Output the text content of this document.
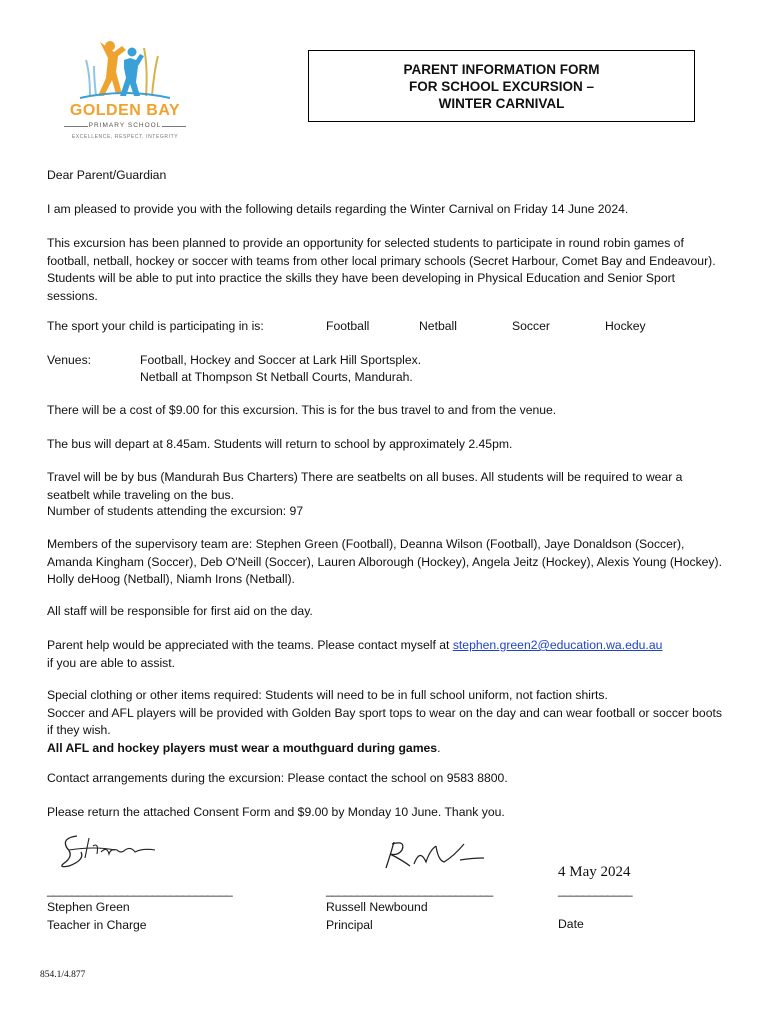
GOLDEN BAY
PRIMARY SCHOOL
EXCELLENCE, RESPECT, INTEGRITY
PARENT INFORMATION FORM
FOR SCHOOL EXCURSION –
WINTER CARNIVAL
Dear Parent/Guardian
I am pleased to provide you with the following details regarding the Winter Carnival on Friday 14 June 2024.
This excursion has been planned to provide an opportunity for selected students to participate in round robin games of football, netball, hockey or soccer with teams from other local primary schools (Secret Harbour, Comet Bay and Endeavour). Students will be able to put into practice the skills they have been developing in Physical Education and Senior Sport sessions.
The sport your child is participating in is:	Football	Netball	Soccer	Hockey
Venues:	Football, Hockey and Soccer at Lark Hill Sportsplex.
Netball at Thompson St Netball Courts, Mandurah.
There will be a cost of $9.00 for this excursion. This is for the bus travel to and from the venue.
The bus will depart at 8.45am. Students will return to school by approximately 2.45pm.
Travel will be by bus (Mandurah Bus Charters) There are seatbelts on all buses. All students will be required to wear a seatbelt while traveling on the bus.
Number of students attending the excursion: 97
Members of the supervisory team are: Stephen Green (Football), Deanna Wilson (Football), Jaye Donaldson (Soccer), Amanda Kingham (Soccer), Deb O'Neill (Soccer), Lauren Alborough (Hockey), Angela Jeitz (Hockey), Alexis Young (Hockey). Holly deHoog (Netball), Niamh Irons (Netball).
All staff will be responsible for first aid on the day.
Parent help would be appreciated with the teams. Please contact myself at stephen.green2@education.wa.edu.au
if you are able to assist.
Special clothing or other items required: Students will need to be in full school uniform, not faction shirts.
Soccer and AFL players will be provided with Golden Bay sport tops to wear on the day and can wear football or soccer boots if they wish.
All AFL and hockey players must wear a mouthguard during games.
Contact arrangements during the excursion: Please contact the school on 9583 8800.
Please return the attached Consent Form and $9.00 by Monday 10 June. Thank you.
4 May 2024
______________________________	___________________________	____________
Stephen Green
Teacher in Charge
Russell Newbound
Principal	Date
854.1/4.877
